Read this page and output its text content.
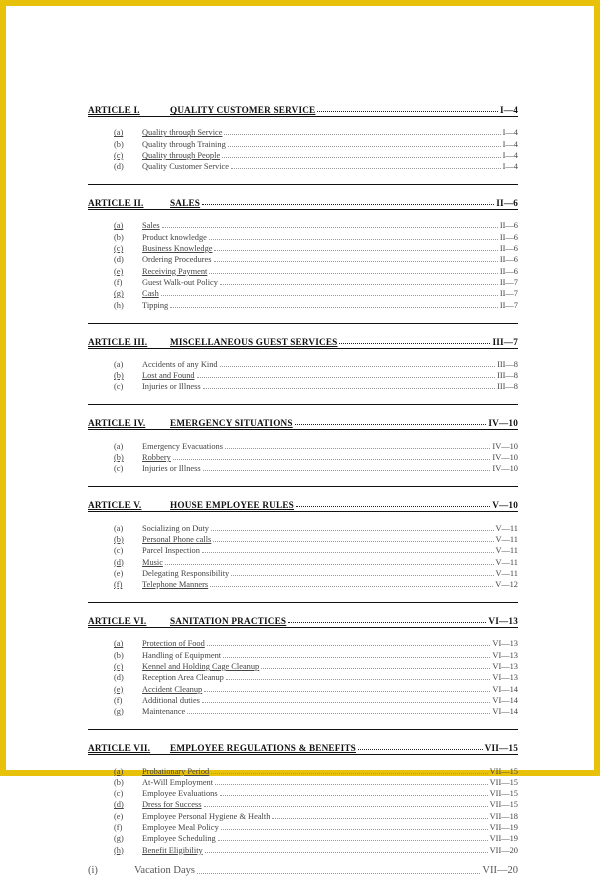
ARTICLE I.	QUALITY CUSTOMER SERVICE	I—4
(a)	Quality through Service	I—4
(b)	Quality through Training	I—4
(c)	Quality through People	I—4
(d)	Quality Customer Service	I—4
ARTICLE II.	SALES	II—6
(a)	Sales	II—6
(b)	Product knowledge	II—6
(c)	Business Knowledge	II—6
(d)	Ordering Procedures	II—6
(e)	Receiving Payment	II—6
(f)	Guest Walk-out Policy	II—7
(g)	Cash	II—7
(h)	Tipping	II—7
ARTICLE III.	MISCELLANEOUS GUEST SERVICES	III—7
(a)	Accidents of any Kind	III—8
(b)	Lost and Found	III—8
(c)	Injuries or Illness	III—8
ARTICLE IV.	EMERGENCY SITUATIONS	IV—10
(a)	Emergency Evacuations	IV—10
(b)	Robbery	IV—10
(c)	Injuries or Illness	IV—10
ARTICLE V.	HOUSE EMPLOYEE RULES	V—10
(a)	Socializing on Duty	V—11
(b)	Personal Phone calls	V—11
(c)	Parcel Inspection	V—11
(d)	Music	V—11
(e)	Delegating Responsibility	V—11
(f)	Telephone Manners	V—12
ARTICLE VI.	SANITATION PRACTICES	VI—13
(a)	Protection of Food	VI—13
(b)	Handling of Equipment	VI—13
(c)	Kennel and Holding Cage Cleanup	VI—13
(d)	Reception Area Cleanup	VI—13
(e)	Accident Cleanup	VI—14
(f)	Additional duties	VI—14
(g)	Maintenance	VI—14
ARTICLE VII.	EMPLOYEE REGULATIONS & BENEFITS	VII—15
(a)	Probationary Period	VII—15
(b)	At-Will Employment	VII—15
(c)	Employee Evaluations	VII—15
(d)	Dress for Success	VII—15
(e)	Employee Personal Hygiene & Health	VII—18
(f)	Employee Meal Policy	VII—19
(g)	Employee Scheduling	VII—19
(h)	Benefit Eligibility	VII—20
(i)	Vacation Days	VII—20
